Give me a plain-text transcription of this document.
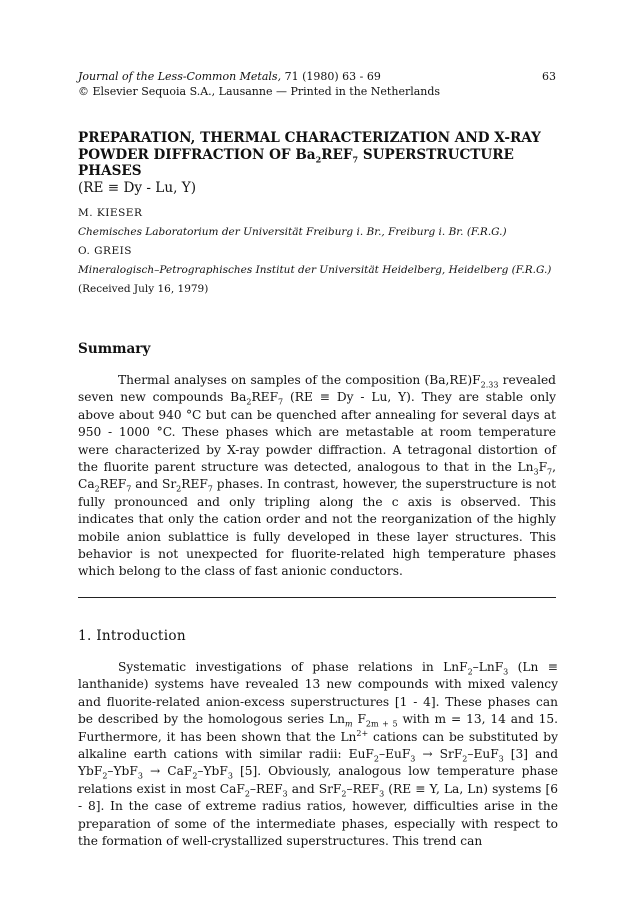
Journal of the Less-Common Metals, 71 (1980) 63 - 69
© Elsevier Sequoia S.A., Lausanne — Printed in the Netherlands
63
PREPARATION, THERMAL CHARACTERIZATION AND X-RAY
POWDER DIFFRACTION OF $Ba_2REF_7$ SUPERSTRUCTURE PHASES
(RE ≡ Dy - Lu, Y)
M. KIESER
Chemisches Laboratorium der Universität Freiburg i. Br., Freiburg i. Br. (F.R.G.)
O. GREIS
Mineralogisch–Petrographisches Institut der Universität Heidelberg, Heidelberg (F.R.G.)
(Received July 16, 1979)
Summary

Thermal analyses on samples of the composition $(Ba,RE)F_{2.33}$ revealed seven new compounds $Ba_2REF_7$ (RE ≡ Dy - Lu, Y). They are stable only above about 940 °C but can be quenched after annealing for several days at 950 - 1000 °C. These phases which are metastable at room temperature were characterized by X-ray powder diffraction. A tetragonal distortion of the fluorite parent structure was detected, analogous to that in the $Ln_3F_7$, $Ca_2REF_7$ and $Sr_2REF_7$ phases. In contrast, however, the superstructure is not fully pronounced and only tripling along the c axis is observed. This indicates that only the cation order and not the reorganization of the highly mobile anion sublattice is fully developed in these layer structures. This behavior is not unexpected for fluorite-related high temperature phases which belong to the class of fast anionic conductors.

1. Introduction

Systematic investigations of phase relations in LnF$_2$–LnF$_3$ (Ln ≡ lanthanide) systems have revealed 13 new compounds with mixed valency and fluorite-related anion-excess superstructures [1 - 4]. These phases can be described by the homologous series $Ln_m$ $F_{2m + 5}$ with m = 13, 14 and 15. Furthermore, it has been shown that the $Ln^{2+}$ cations can be substituted by alkaline earth cations with similar radii: EuF$_2$–EuF$_3$ → SrF$_2$–EuF$_3$ [3] and YbF$_2$–YbF$_3$ → CaF$_2$–YbF$_3$ [5]. Obviously, analogous low temperature phase relations exist in most $CaF_2-REF_3$ and $SrF_2-REF_3$ (RE ≡ Y, La, Ln) systems [6 - 8]. In the case of extreme radius ratios, however, difficulties arise in the preparation of some of the intermediate phases, especially with respect to the formation of well-crystallized superstructures. This trend can
